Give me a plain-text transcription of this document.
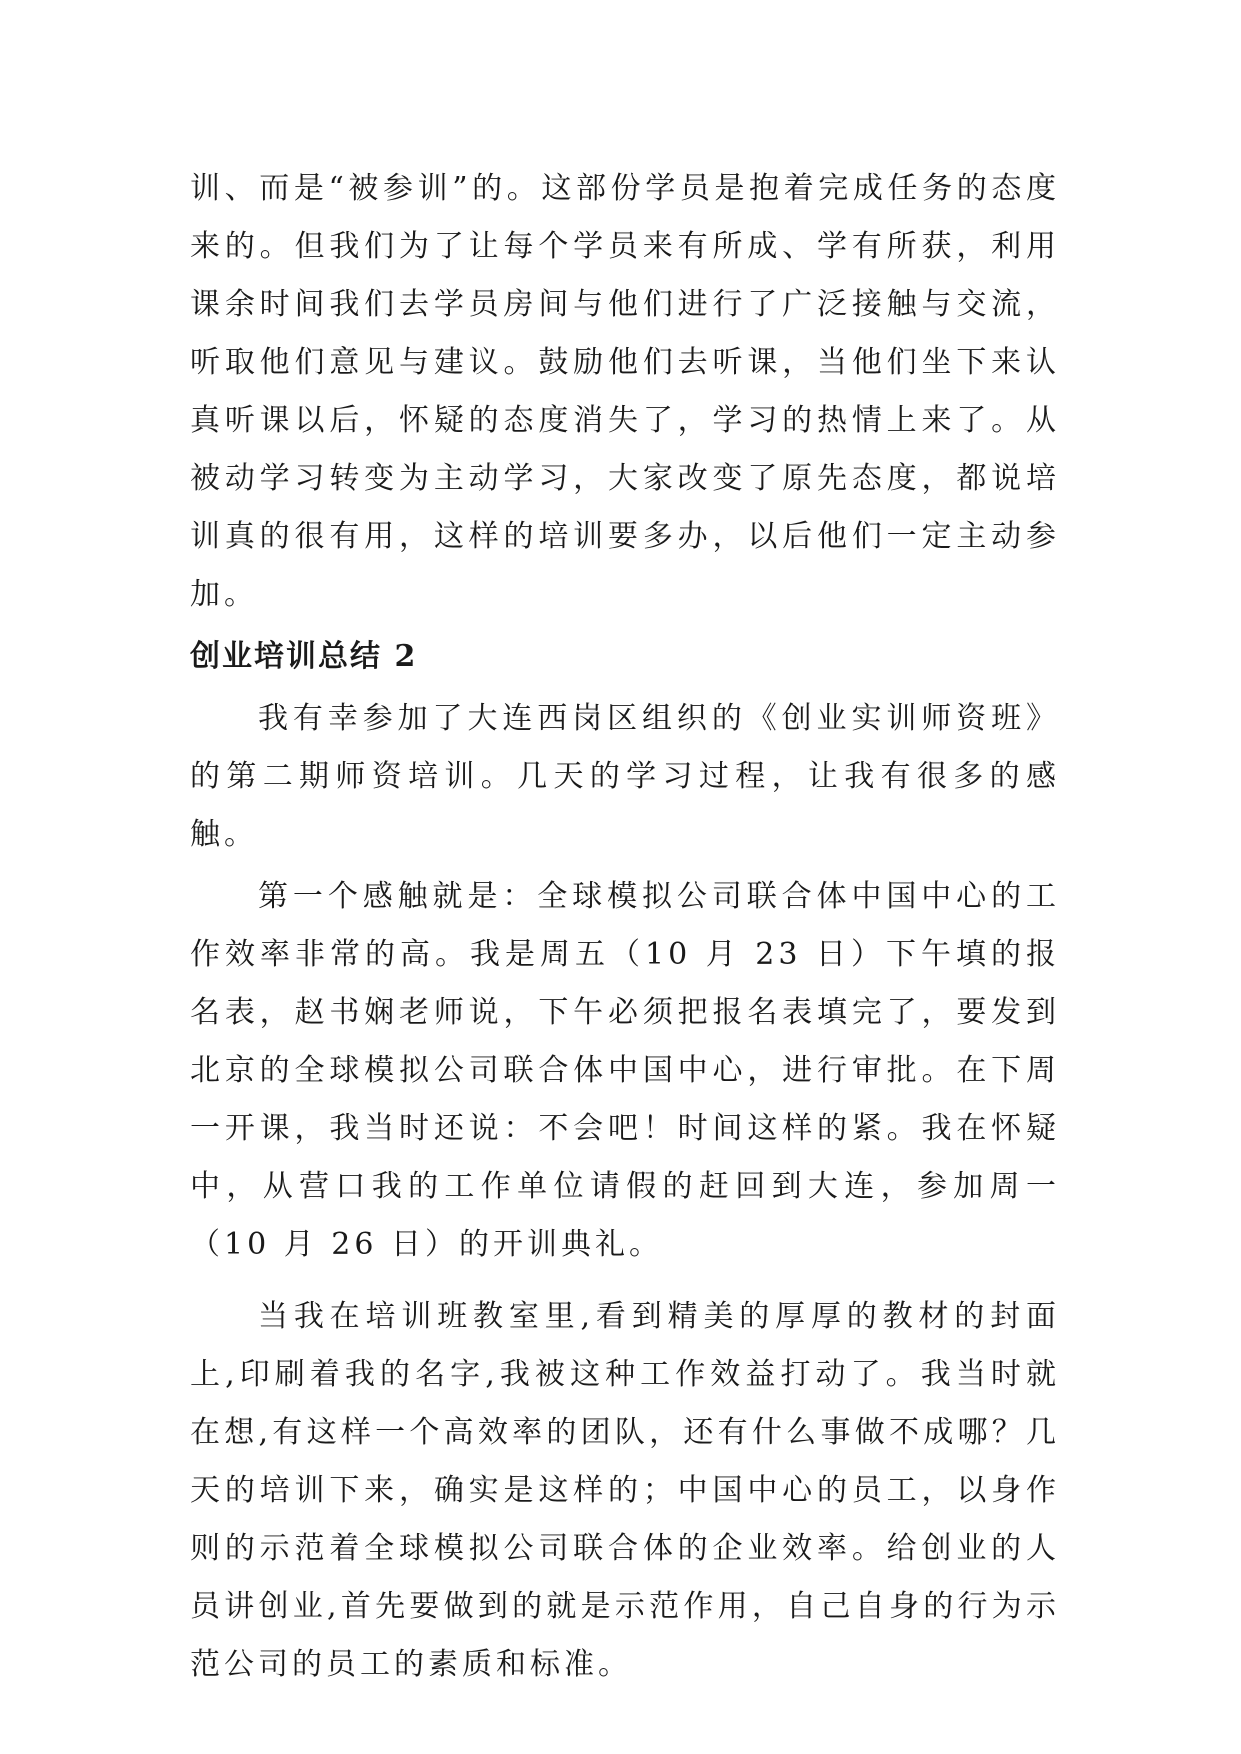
训、而是“被参训”的。这部份学员是抱着完成任务的态度来的。但我们为了让每个学员来有所成、学有所获，利用课余时间我们去学员房间与他们进行了广泛接触与交流，听取他们意见与建议。鼓励他们去听课，当他们坐下来认真听课以后，怀疑的态度消失了，学习的热情上来了。从被动学习转变为主动学习，大家改变了原先态度，都说培训真的很有用，这样的培训要多办，以后他们一定主动参加。

创业培训总结 2

我有幸参加了大连西岗区组织的《创业实训师资班》的第二期师资培训。几天的学习过程，让我有很多的感触。

第一个感触就是：全球模拟公司联合体中国中心的工作效率非常的高。我是周五（10 月 23 日）下午填的报名表，赵书娴老师说，下午必须把报名表填完了，要发到北京的全球模拟公司联合体中国中心，进行审批。在下周一开课，我当时还说：不会吧！时间这样的紧。我在怀疑中，从营口我的工作单位请假的赶回到大连，参加周一（10 月 26 日）的开训典礼。

当我在培训班教室里,看到精美的厚厚的教材的封面上,印刷着我的名字,我被这种工作效益打动了。我当时就在想,有这样一个高效率的团队，还有什么事做不成哪？几天的培训下来，确实是这样的；中国中心的员工，以身作则的示范着全球模拟公司联合体的企业效率。给创业的人员讲创业,首先要做到的就是示范作用，自己自身的行为示范公司的员工的素质和标准。
